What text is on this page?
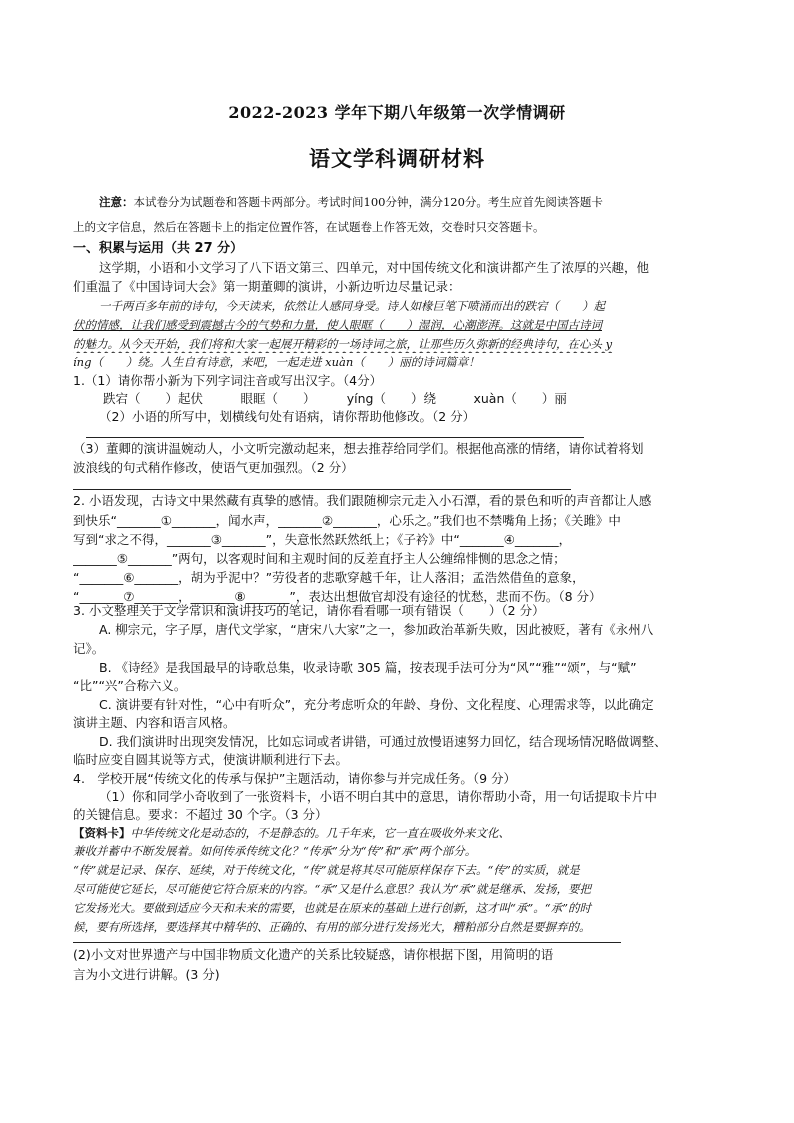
2022-2023 学年下期八年级第一次学情调研
语文学科调研材料
注意：本试卷分为试题卷和答题卡两部分。考试时间100分钟，满分120分。考生应首先阅读答题卡
上的文字信息，然后在答题卡上的指定位置作答，在试题卷上作答无效，交卷时只交答题卡。
一、积累与运用（共 27 分）
这学期，小语和小文学习了八下语文第三、四单元，对中国传统文化和演讲都产生了浓厚的兴趣，他
们重温了《中国诗词大会》第一期董卿的演讲，小新边听边尽量记录：
一千两百多年前的诗句，今天读来，依然让人感同身受。诗人如椽巨笔下喷涌而出的跌宕（　　）起
伏的情感，让我们感受到震撼古今的气势和力量，使人眼眶（　　）湿润，心潮澎湃。这就是中国古诗词
的魅力。从今天开始，我们将和大家一起展开精彩的一场诗词之旅，让那些历久弥新的经典诗句，在心头 y
íng（　　）绕。人生自有诗意，来吧，一起走进 xuàn（　　）丽的诗词篇章！
1.（1）请你帮小新为下列字词注音或写出汉字。（4分）
跌宕（　　）起伏　　　眼眶（　　）　　　yíng（　　）绕　　　xuàn（　　）丽
（2）小语的所写中，划横线句处有语病，请你帮助他修改。（2 分）
（3）董卿的演讲温婉动人，小文听完激动起来，想去推荐给同学们。根据他高涨的情绪，请你试着将划
波浪线的句式稍作修改，使语气更加强烈。（2 分）
2. 小语发现，古诗文中果然藏有真挚的感情。我们跟随柳宗元走入小石潭，看的景色和听的声音都让人感
到快乐“_______①_______，闻水声，_______②_______，心乐之。”我们也不禁嘴角上扬；《关雎》中
写到“求之不得，_______③_______”，失意怅然跃然纸上；《子衿》中“_______④_______，
_______⑤_______”两句，以客观时间和主观时间的反差直抒主人公缠绵悱恻的思念之情；
“_______⑥_______，胡为乎泥中？”劳役者的悲歌穿越千年，让人落泪；孟浩然借鱼的意象，
“_______⑦_______，_______⑧_______”，表达出想做官却没有途径的忧愁，悲而不伤。（8 分）
3. 小文整理关于文学常识和演讲技巧的笔记，请你看看哪一项有错误（　　）（2 分）
A. 柳宗元，字子厚，唐代文学家，“唐宋八大家”之一，参加政治革新失败，因此被贬，著有《永州八
记》。
B. 《诗经》是我国最早的诗歌总集，收录诗歌 305 篇，按表现手法可分为“风”“雅”“颂”，与“赋”
“比”“兴”合称六义。
C. 演讲要有针对性，“心中有听众”，充分考虑听众的年龄、身份、文化程度、心理需求等，以此确定
演讲主题、内容和语言风格。
D. 我们演讲时出现突发情况，比如忘词或者讲错，可通过放慢语速努力回忆，结合现场情况略做调整、
临时应变自圆其说等方式，使演讲顺利进行下去。
4.　学校开展“传统文化的传承与保护”主题活动，请你参与并完成任务。（9 分）
（1）你和同学小奇收到了一张资料卡，小语不明白其中的意思，请你帮助小奇，用一句话提取卡片中
的关键信息。要求：不超过 30 个字。（3 分）
【资料卡】中华传统文化是动态的，不是静态的。几千年来，它一直在吸收外来文化、
兼收并蓄中不断发展着。如何传承传统文化？“传承”分为“传”和“承”两个部分。
“传”就是记录、保存、延续，对于传统文化，“传”就是将其尽可能原样保存下去。“传”的实质，就是
尽可能使它延长，尽可能使它符合原来的内容。“承”又是什么意思？我认为“承”就是继承、发扬，要把
它发扬光大。要做到适应今天和未来的需要，也就是在原来的基础上进行创新，这才叫“承”。“承”的时
候，要有所选择，要选择其中精华的、正确的、有用的部分进行发扬光大，糟粕部分自然是要摒弃的。
(2)小文对世界遗产与中国非物质文化遗产的关系比较疑惑，请你根据下图，用简明的语
言为小文进行讲解。(3 分)
